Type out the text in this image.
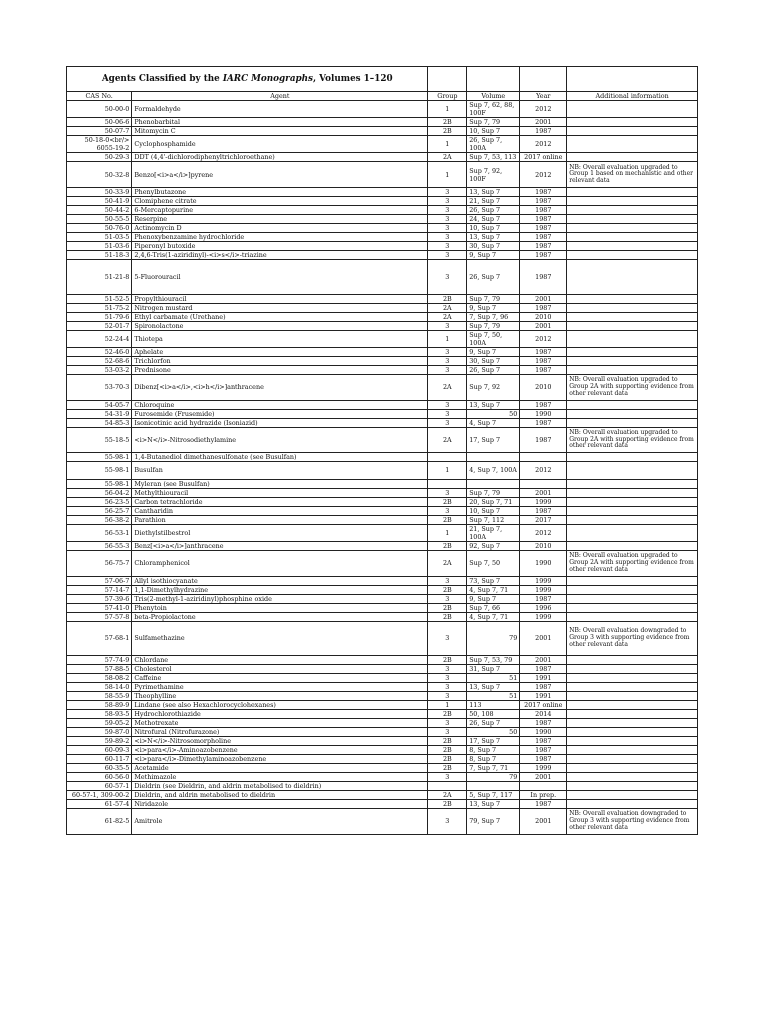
Agents Classified by the IARC Monographs, Volumes 1–120					
CAS No.	Agent	Group	Volume	Year	Additional information
50-00-0	Formaldehyde	1	Sup 7, 62, 88, 100F	2012	
50-06-6	Phenobarbital	2B	Sup 7, 79	2001	
50-07-7	Mitomycin C	2B	10, Sup 7	1987	
50-18-0<br/> 6055-19-2	Cyclophosphamide	1	26, Sup 7, 100A	2012	
50-29-3	DDT (4,4'-dichlorodiphenyltrichloroethane)	2A	Sup 7, 53, 113	2017 online	
50-32-8	Benzo[<i>a</i>]pyrene	1	Sup 7, 92, 100F	2012	NB: Overall evaluation upgraded to Group 1 based on mechanistic and other relevant data
50-33-9	Phenylbutazone	3	13, Sup 7	1987	
50-41-9	Clomiphene citrate	3	21, Sup 7	1987	
50-44-2	6-Mercaptopurine	3	26, Sup 7	1987	
50-55-5	Reserpine	3	24, Sup 7	1987	
50-76-0	Actinomycin D	3	10, Sup 7	1987	
51-03-5	Phenoxybenzamine hydrochloride	3	13, Sup 7	1987	
51-03-6	Piperonyl butoxide	3	30, Sup 7	1987	
51-18-3	2,4,6-Tris(1-aziridinyl)-<i>s</i>-triazine	3	9, Sup 7	1987	
51-21-8	5-Fluorouracil	3	26, Sup 7	1987	
51-52-5	Propylthiouracil	2B	Sup 7, 79	2001	
51-75-2	Nitrogen mustard	2A	9, Sup 7	1987	
51-79-6	Ethyl carbamate (Urethane)	2A	7, Sup 7, 96	2010	
52-01-7	Spironolactone	3	Sup 7, 79	2001	
52-24-4	Thiotepa	1	Sup 7, 50, 100A	2012	
52-46-0	Aphelate	3	9, Sup 7	1987	
52-68-6	Trichlorfon	3	30, Sup 7	1987	
53-03-2	Prednisone	3	26, Sup 7	1987	
53-70-3	Dibenz[<i>a</i>,<i>h</i>]anthracene	2A	Sup 7, 92	2010	NB: Overall evaluation upgraded to Group 2A with supporting evidence from other relevant data
54-05-7	Chloroquine	3	13, Sup 7	1987	
54-31-9	Furosemide (Frusemide)	3	50	1990	
54-85-3	Isonicotinic acid hydrazide (Isoniazid)	3	4, Sup 7	1987	
55-18-5	<i>N</i>-Nitrosodiethylamine	2A	17, Sup 7	1987	NB: Overall evaluation upgraded to Group 2A with supporting evidence from other relevant data
55-98-1	1,4-Butanediol dimethanesulfonate (see Busulfan)				
55-98-1	Busulfan	1	4, Sup 7, 100A	2012	
55-98-1	Myleran (see Busulfan)				
56-04-2	Methylthiouracil	3	Sup 7, 79	2001	
56-23-5	Carbon tetrachloride	2B	20, Sup 7, 71	1999	
56-25-7	Cantharidin	3	10, Sup 7	1987	
56-38-2	Parathion	2B	Sup 7, 112	2017	
56-53-1	Diethylstilbestrol	1	21, Sup 7, 100A	2012	
56-55-3	Benz[<i>a</i>]anthracene	2B	92, Sup 7	2010	
56-75-7	Chloramphenicol	2A	Sup 7, 50	1990	NB: Overall evaluation upgraded to Group 2A with supporting evidence from other relevant data
57-06-7	Allyl isothiocyanate	3	73, Sup 7	1999	
57-14-7	1,1-Dimethylhydrazine	2B	4, Sup 7, 71	1999	
57-39-6	Tris(2-methyl-1-aziridinyl)phosphine oxide	3	9, Sup 7	1987	
57-41-0	Phenytoin	2B	Sup 7, 66	1996	
57-57-8	beta-Propiolactone	2B	4, Sup 7, 71	1999	
57-68-1	Sulfamethazine	3	79	2001	NB: Overall evaluation downgraded to Group 3 with supporting evidence from other relevant data
57-74-9	Chlordane	2B	Sup 7, 53, 79	2001	
57-88-5	Cholesterol	3	31, Sup 7	1987	
58-08-2	Caffeine	3	51	1991	
58-14-0	Pyrimethamine	3	13, Sup 7	1987	
58-55-9	Theophylline	3	51	1991	
58-89-9	Lindane (see also Hexachlorocyclohexanes)	1	113	2017 online	
58-93-5	Hydrochlorothiazide	2B	50, 108	2014	
59-05-2	Methotrexate	3	26, Sup 7	1987	
59-87-0	Nitrofural (Nitrofurazone)	3	50	1990	
59-89-2	<i>N</i>-Nitrosomorpholine	2B	17, Sup 7	1987	
60-09-3	<i>para</i>-Aminoazobenzene	2B	8, Sup 7	1987	
60-11-7	<i>para</i>-Dimethylaminoazobenzene	2B	8, Sup 7	1987	
60-35-5	Acetamide	2B	7, Sup 7, 71	1999	
60-56-0	Methimazole	3	79	2001	
60-57-1	Dieldrin (see Dieldrin, and aldrin metabolised to dieldrin)				
60-57-1, 309-00-2	Dieldrin, and aldrin metabolised to dieldrin	2A	5, Sup 7, 117	In prep.	
61-57-4	Niridazole	2B	13, Sup 7	1987	
61-82-5	Amitrole	3	79, Sup 7	2001	NB: Overall evaluation downgraded to Group 3 with supporting evidence from other relevant data
